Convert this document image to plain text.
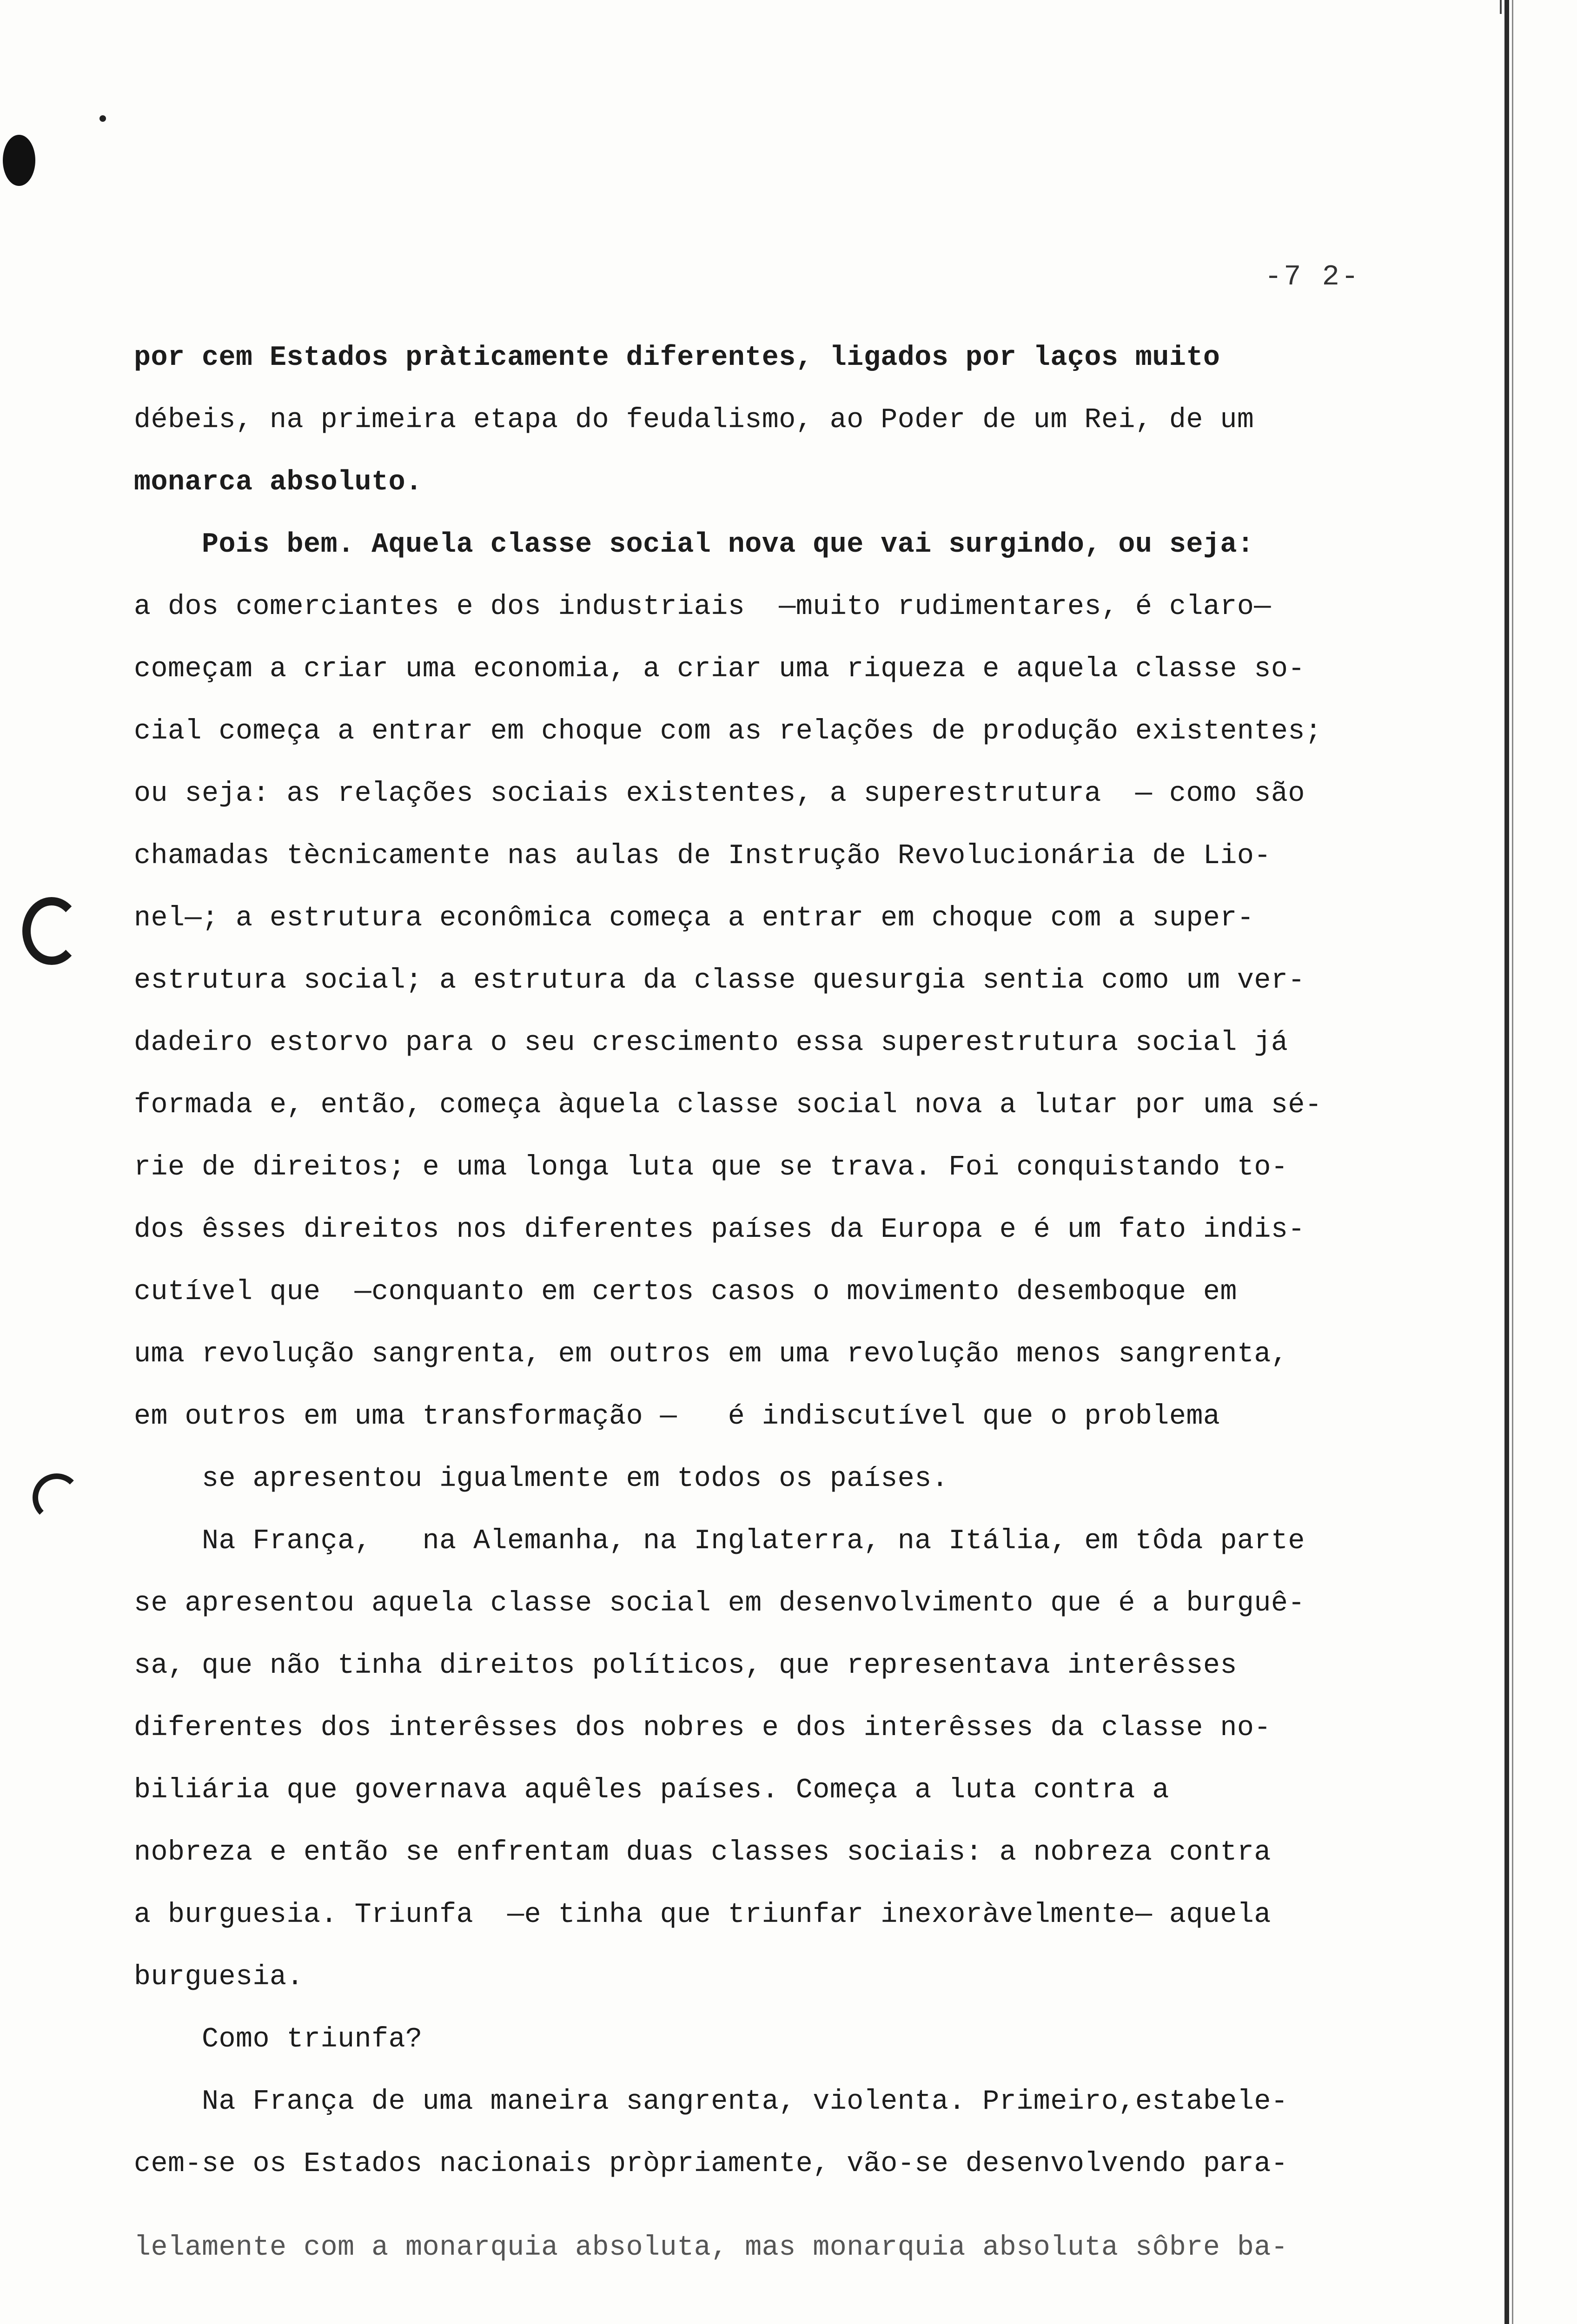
-7 2-
por cem Estados pràticamente diferentes, ligados por laços muito
débeis, na primeira etapa do feudalismo, ao Poder de um Rei, de um
monarca absoluto.
Pois bem. Aquela classe social nova que vai surgindo, ou seja:
a dos comerciantes e dos industriais  —muito rudimentares, é claro—
começam a criar uma economia, a criar uma riqueza e aquela classe so-
cial começa a entrar em choque com as relações de produção existentes;
ou seja: as relações sociais existentes, a superestrutura  — como são
chamadas tècnicamente nas aulas de Instrução Revolucionária de Lio-
nel—; a estrutura econômica começa a entrar em choque com a super-
estrutura social; a estrutura da classe quesurgia sentia como um ver-
dadeiro estorvo para o seu crescimento essa superestrutura social já
formada e, então, começa àquela classe social nova a lutar por uma sé-
rie de direitos; e uma longa luta que se trava. Foi conquistando to-
dos êsses direitos nos diferentes países da Europa e é um fato indis-
cutível que  —conquanto em certos casos o movimento desemboque em
uma revolução sangrenta, em outros em uma revolução menos sangrenta,
em outros em uma transformação —   é indiscutível que o problema
se apresentou igualmente em todos os países.
Na França,   na Alemanha, na Inglaterra, na Itália, em tôda parte
se apresentou aquela classe social em desenvolvimento que é a burguê-
sa, que não tinha direitos políticos, que representava interêsses
diferentes dos interêsses dos nobres e dos interêsses da classe no-
biliária que governava aquêles países. Começa a luta contra a
nobreza e então se enfrentam duas classes sociais: a nobreza contra
a burguesia. Triunfa  —e tinha que triunfar inexoràvelmente— aquela
burguesia.
Como triunfa?
Na França de uma maneira sangrenta, violenta. Primeiro,estabele-
cem-se os Estados nacionais pròpriamente, vão-se desenvolvendo para-
lelamente com a monarquia absoluta, mas monarquia absoluta sôbre ba-
